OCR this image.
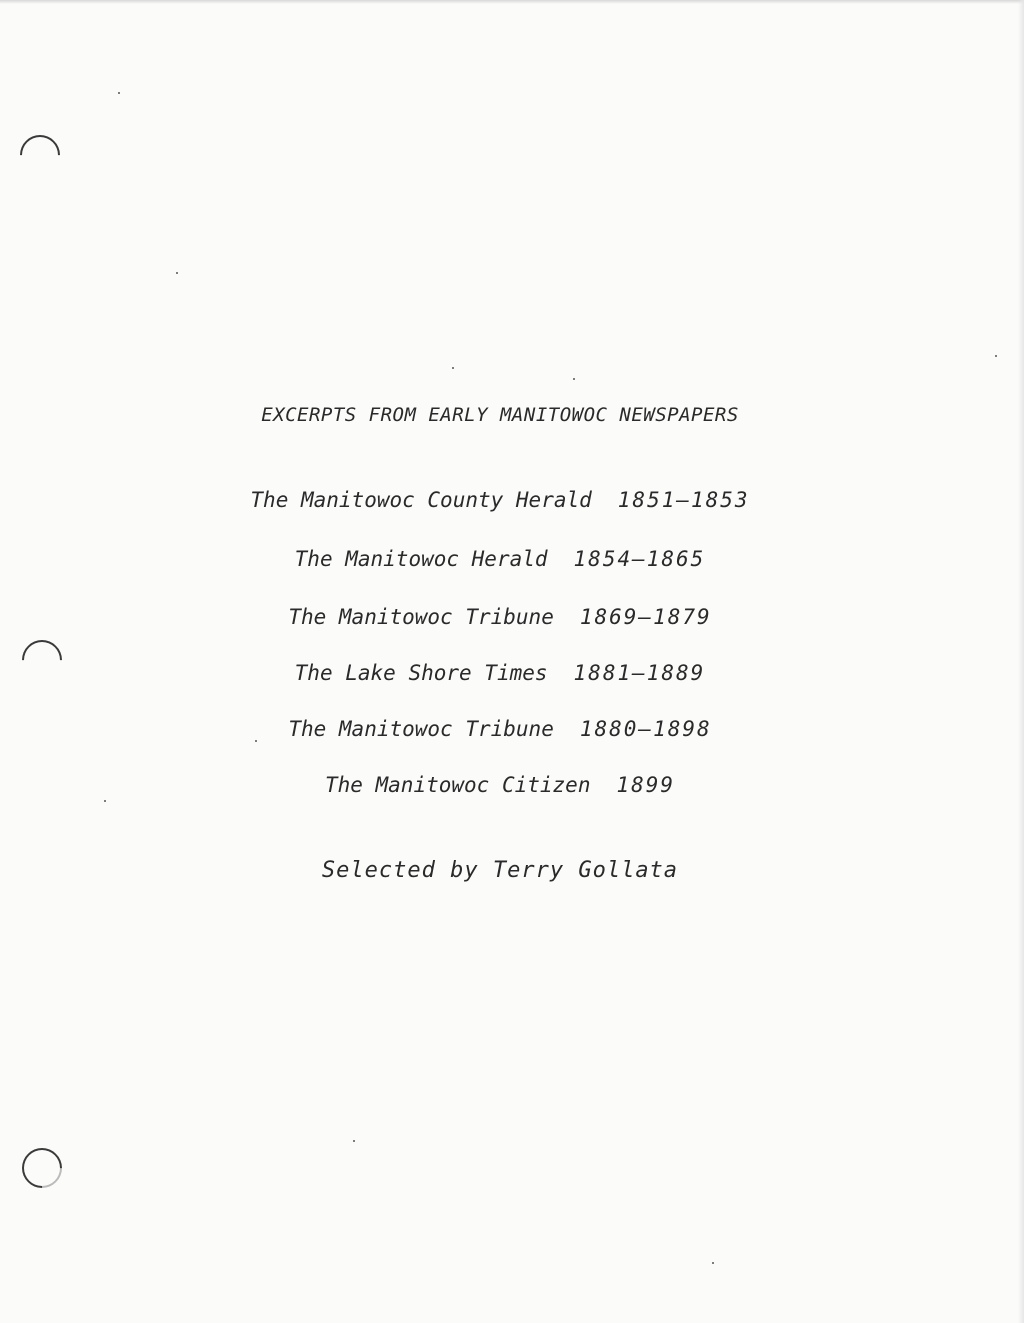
EXCERPTS FROM EARLY MANITOWOC NEWSPAPERS
The Manitowoc County Herald 1851—1853
The Manitowoc Herald 1854—1865
The Manitowoc Tribune 1869—1879
The Lake Shore Times 1881—1889
The Manitowoc Tribune 1880—1898
The Manitowoc Citizen 1899
Selected by Terry Gollata
